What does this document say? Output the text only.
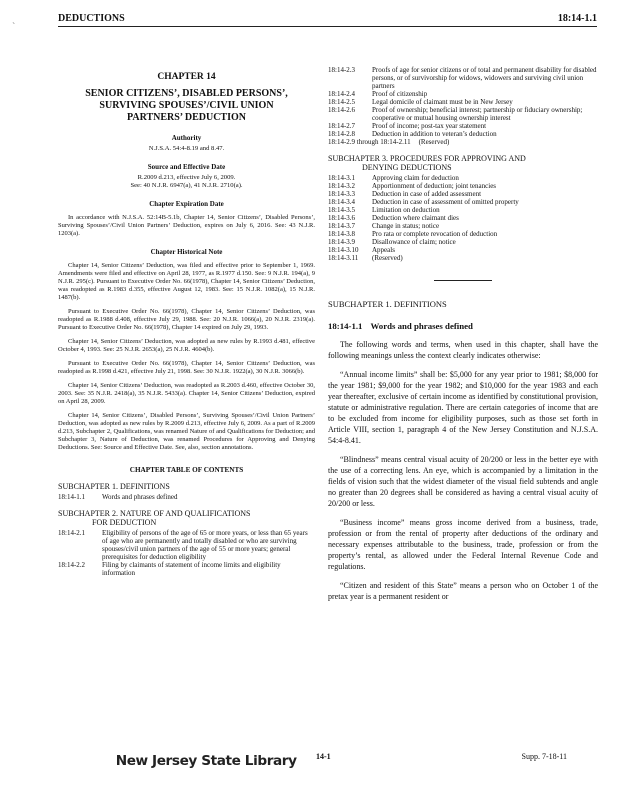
DEDUCTIONS	18:14-1.1
`
CHAPTER 14
SENIOR CITIZENS’, DISABLED PERSONS’,
SURVIVING SPOUSES’/CIVIL UNION
PARTNERS’ DEDUCTION
Authority
N.J.S.A. 54:4-8.19 and 8.47.
Source and Effective Date
R.2009 d.213, effective July 6, 2009.
See: 40 N.J.R. 6947(a), 41 N.J.R. 2710(a).
Chapter Expiration Date

In accordance with N.J.S.A. 52:14B-5.1b, Chapter 14, Senior Citizens’, Disabled Persons’, Surviving Spouses’/Civil Union Partners’ Deduction, expires on July 6, 2016. See: 43 N.J.R. 1203(a).

Chapter Historical Note

Chapter 14, Senior Citizens’ Deduction, was filed and effective prior to September 1, 1969. Amendments were filed and effective on April 28, 1977, as R.1977 d.150. See: 9 N.J.R. 194(a), 9 N.J.R. 295(c). Pursuant to Executive Order No. 66(1978), Chapter 14, Senior Citizens’ Deduction, was readopted as R.1983 d.355, effective August 12, 1983. See: 15 N.J.R. 1082(a), 15 N.J.R. 1487(b).

Pursuant to Executive Order No. 66(1978), Chapter 14, Senior Citizens’ Deduction, was readopted as R.1988 d.408, effective July 29, 1988. See: 20 N.J.R. 1066(a), 20 N.J.R. 2319(a). Pursuant to Executive Order No. 66(1978), Chapter 14 expired on July 29, 1993.

Chapter 14, Senior Citizens’ Deduction, was adopted as new rules by R.1993 d.481, effective October 4, 1993. See: 25 N.J.R. 2653(a), 25 N.J.R. 4604(b).

Pursuant to Executive Order No. 66(1978), Chapter 14, Senior Citizens’ Deduction, was readopted as R.1998 d.421, effective July 21, 1998. See: 30 N.J.R. 1922(a), 30 N.J.R. 3066(b).

Chapter 14, Senior Citizens’ Deduction, was readopted as R.2003 d.460, effective October 30, 2003. See: 35 N.J.R. 2418(a), 35 N.J.R. 5433(a). Chapter 14, Senior Citizens’ Deduction, expired on April 28, 2009.

Chapter 14, Senior Citizens’, Disabled Persons’, Surviving Spouses’/Civil Union Partners’ Deduction, was adopted as new rules by R.2009 d.213, effective July 6, 2009. As a part of R.2009 d.213, Subchapter 2, Qualifications, was renamed Nature of and Qualifications for Deduction; and Subchapter 3, Nature of Deduction, was renamed Procedures for Approving and Denying Deductions. See: Source and Effective Date. See, also, section annotations.

CHAPTER TABLE OF CONTENTS
SUBCHAPTER 1. DEFINITIONS
18:14-1.1	Words and phrases defined
SUBCHAPTER 2. NATURE OF AND QUALIFICATIONS
FOR DEDUCTION
18:14-2.1	Eligibility of persons of the age of 65 or more years, or less than 65 years of age who are permanently and totally disabled or who are surviving spouses/civil union partners of the age of 55 or more years; general prerequisites for deduction eligibility
18:14-2.2	Filing by claimants of statement of income limits and eligibility information
18:14-2.3	Proofs of age for senior citizens or of total and permanent disability for disabled persons, or of survivorship for widows, widowers and surviving civil union partners
18:14-2.4	Proof of citizenship
18:14-2.5	Legal domicile of claimant must be in New Jersey
18:14-2.6	Proof of ownership; beneficial interest; partnership or fiduciary ownership; cooperative or mutual housing ownership interest
18:14-2.7	Proof of income; post-tax year statement
18:14-2.8	Deduction in addition to veteran’s deduction
18:14-2.9 through 18:14-2.11 (Reserved)
SUBCHAPTER 3. PROCEDURES FOR APPROVING AND
DENYING DEDUCTIONS
18:14-3.1	Approving claim for deduction
18:14-3.2	Apportionment of deduction; joint tenancies
18:14-3.3	Deduction in case of added assessment
18:14-3.4	Deduction in case of assessment of omitted property
18:14-3.5	Limitation on deduction
18:14-3.6	Deduction where claimant dies
18:14-3.7	Change in status; notice
18:14-3.8	Pro rata or complete revocation of deduction
18:14-3.9	Disallowance of claim; notice
18:14-3.10	Appeals
18:14-3.11	(Reserved)
SUBCHAPTER 1. DEFINITIONS
18:14-1.1 Words and phrases defined

The following words and terms, when used in this chapter, shall have the following meanings unless the context clearly indicates otherwise:

“Annual income limits” shall be: $5,000 for any year prior to 1981; $8,000 for the year 1981; $9,000 for the year 1982; and $10,000 for the year 1983 and each year thereafter, exclusive of certain income as identified by constitutional provision, statute or administrative regulation. There are certain categories of income that are to be excluded from income for eligibility purposes, such as those set forth in Article VIII, section 1, paragraph 4 of the New Jersey Constitution and N.J.S.A. 54:4-8.41.

“Blindness” means central visual acuity of 20/200 or less in the better eye with the use of a correcting lens. An eye, which is accompanied by a limitation in the fields of vision such that the widest diameter of the visual field subtends and angle no greater than 20 degrees shall be considered as having a central visual acuity of 20/200 or less.

“Business income” means gross income derived from a business, trade, profession or from the rental of property after deductions of the ordinary and necessary expenses attributable to the business, trade, profession or from the property’s rental, as allowed under the Federal Internal Revenue Code and regulations.

“Citizen and resident of this State” means a person who on October 1 of the pretax year is a permanent resident or

New Jersey State Library 14-1	Supp. 7-18-11
